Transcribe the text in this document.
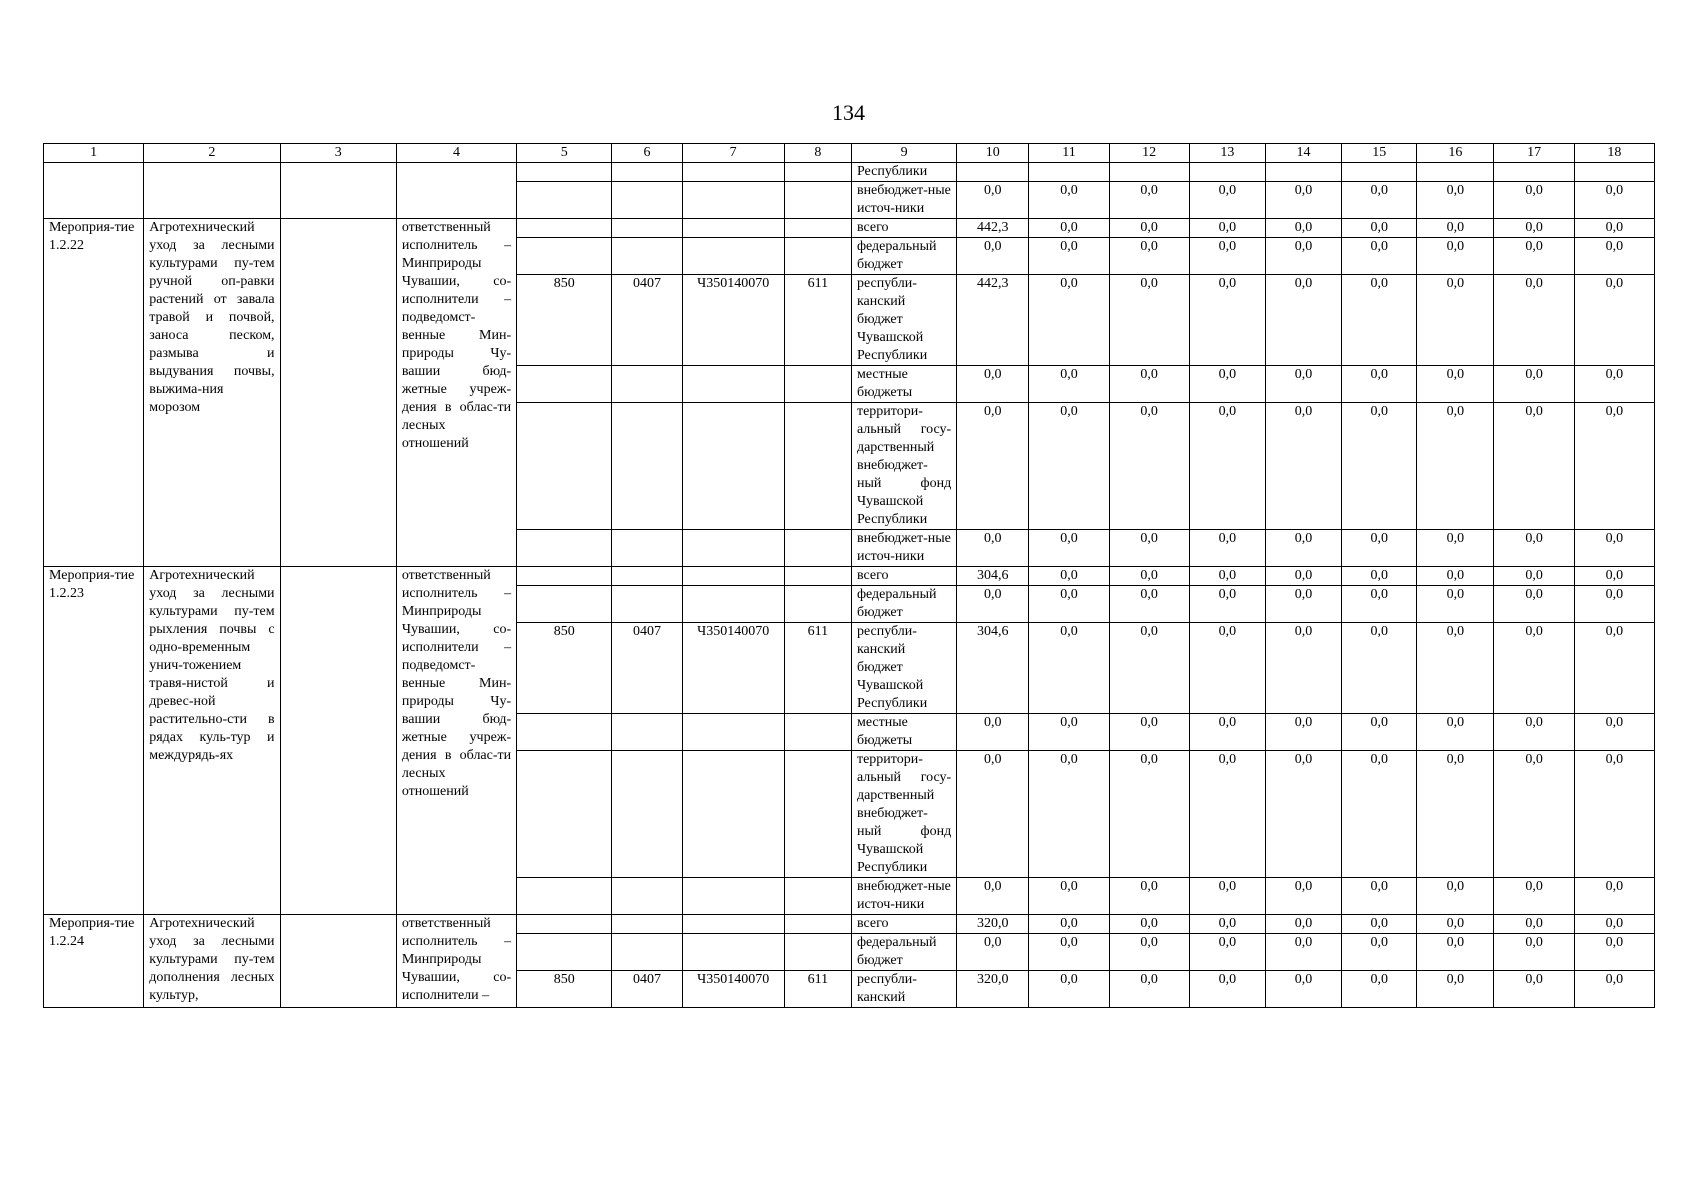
134
1	2	3	4	5	6	7	8	9	10	11	12	13	14	15	16	17	18
								Республики									
								внебюджет-ные источ-ники	0,0	0,0	0,0	0,0	0,0	0,0	0,0	0,0	0,0
Мероприя-тие 1.2.22	Агротехнический уход за лесными культурами пу-тем ручной оп-равки растений от завала травой и почвой, заноса песком, размыва и выдувания почвы, выжима-ния морозом		ответственный исполнитель – Минприроды Чувашии, со-исполнители – подведомст-венные Мин-природы Чу-вашии бюд-жетные учреж-дения в облас-ти лесных отношений					всего	442,3	0,0	0,0	0,0	0,0	0,0	0,0	0,0	0,0
								федеральный бюджет	0,0	0,0	0,0	0,0	0,0	0,0	0,0	0,0	0,0
				850	0407	Ч350140070	611	республи-канский бюджет Чувашской Республики	442,3	0,0	0,0	0,0	0,0	0,0	0,0	0,0	0,0
								местные бюджеты	0,0	0,0	0,0	0,0	0,0	0,0	0,0	0,0	0,0
								территори-альный госу-дарственный внебюджет-ный фонд Чувашской Республики	0,0	0,0	0,0	0,0	0,0	0,0	0,0	0,0	0,0
								внебюджет-ные источ-ники	0,0	0,0	0,0	0,0	0,0	0,0	0,0	0,0	0,0
Мероприя-тие 1.2.23	Агротехнический уход за лесными культурами пу-тем рыхления почвы с одно-временным унич-тожением травя-нистой и древес-ной растительно-сти в рядах куль-тур и междурядь-ях		ответственный исполнитель – Минприроды Чувашии, со-исполнители – подведомст-венные Мин-природы Чу-вашии бюд-жетные учреж-дения в облас-ти лесных отношений					всего	304,6	0,0	0,0	0,0	0,0	0,0	0,0	0,0	0,0
								федеральный бюджет	0,0	0,0	0,0	0,0	0,0	0,0	0,0	0,0	0,0
				850	0407	Ч350140070	611	республи-канский бюджет Чувашской Республики	304,6	0,0	0,0	0,0	0,0	0,0	0,0	0,0	0,0
								местные бюджеты	0,0	0,0	0,0	0,0	0,0	0,0	0,0	0,0	0,0
								территори-альный госу-дарственный внебюджет-ный фонд Чувашской Республики	0,0	0,0	0,0	0,0	0,0	0,0	0,0	0,0	0,0
								внебюджет-ные источ-ники	0,0	0,0	0,0	0,0	0,0	0,0	0,0	0,0	0,0
Мероприя-тие 1.2.24	Агротехнический уход за лесными культурами пу-тем дополнения лесных культур,		ответственный исполнитель – Минприроды Чувашии, со-исполнители –					всего	320,0	0,0	0,0	0,0	0,0	0,0	0,0	0,0	0,0
								федеральный бюджет	0,0	0,0	0,0	0,0	0,0	0,0	0,0	0,0	0,0
				850	0407	Ч350140070	611	республи-канский	320,0	0,0	0,0	0,0	0,0	0,0	0,0	0,0	0,0
